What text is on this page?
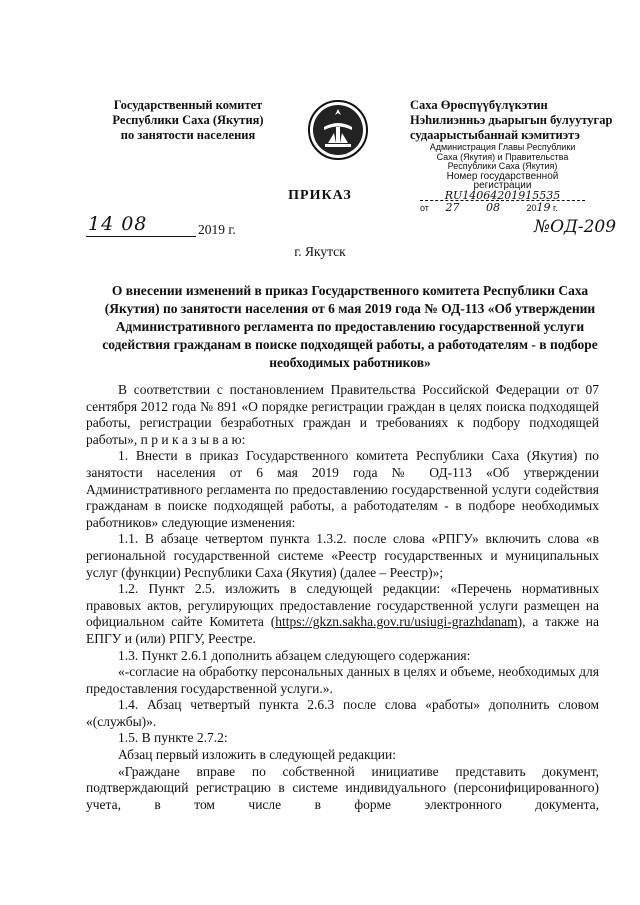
Государственный комитет
Республики Саха (Якутия)
по занятости населения
Саха Өрөспүүбүлүкэтин
Нэһилиэнньэ дьарыгын булуутугар
судаарыстыбаннай кэмитиэтэ
Администрация Главы Республики
Саха (Якутия) и Правительства
Республики Саха (Якутия)
Номер государственной регистрации
RU14064201915535
от 27 08	2019 г.
ПРИКАЗ
14 08	2019 г.	№ОД-209
г. Якутск
О внесении изменений в приказ Государственного комитета Республики Саха (Якутия) по занятости населения от 6 мая 2019 года № ОД-113 «Об утверждении Административного регламента по предоставлению государственной услуги содействия гражданам в поиске подходящей работы, а работодателям - в подборе необходимых работников»

В соответствии с постановлением Правительства Российской Федерации от 07 сентября 2012 года № 891 «О порядке регистрации граждан в целях поиска подходящей работы, регистрации безработных граждан и требованиях к подбору подходящей работы», п р и к а з ы в а ю:

1. Внести в приказ Государственного комитета Республики Саха (Якутия) по занятости населения от 6 мая 2019 года № ОД-113 «Об утверждении Административного регламента по предоставлению государственной услуги содействия гражданам в поиске подходящей работы, а работодателям - в подборе необходимых работников» следующие изменения:

1.1. В абзаце четвертом пункта 1.3.2. после слова «РПГУ» включить слова «в региональной государственной системе «Реестр государственных и муниципальных услуг (функции) Республики Саха (Якутия) (далее – Реестр)»;

1.2. Пункт 2.5. изложить в следующей редакции: «Перечень нормативных правовых актов, регулирующих предоставление государственной услуги размещен на официальном сайте Комитета (https://gkzn.sakha.gov.ru/usiugi-grazhdanam), а также на ЕПГУ и (или) РПГУ, Реестре.

1.3. Пункт 2.6.1 дополнить абзацем следующего содержания:

«-согласие на обработку персональных данных в целях и объеме, необходимых для предоставления государственной услуги.».

1.4. Абзац четвертый пункта 2.6.3 после слова «работы» дополнить словом «(службы)».

1.5. В пункте 2.7.2:

Абзац первый изложить в следующей редакции:

«Граждане вправе по собственной инициативе представить документ, подтверждающий регистрацию в системе индивидуального (персонифицированного) учета, в том числе в форме электронного документа,
